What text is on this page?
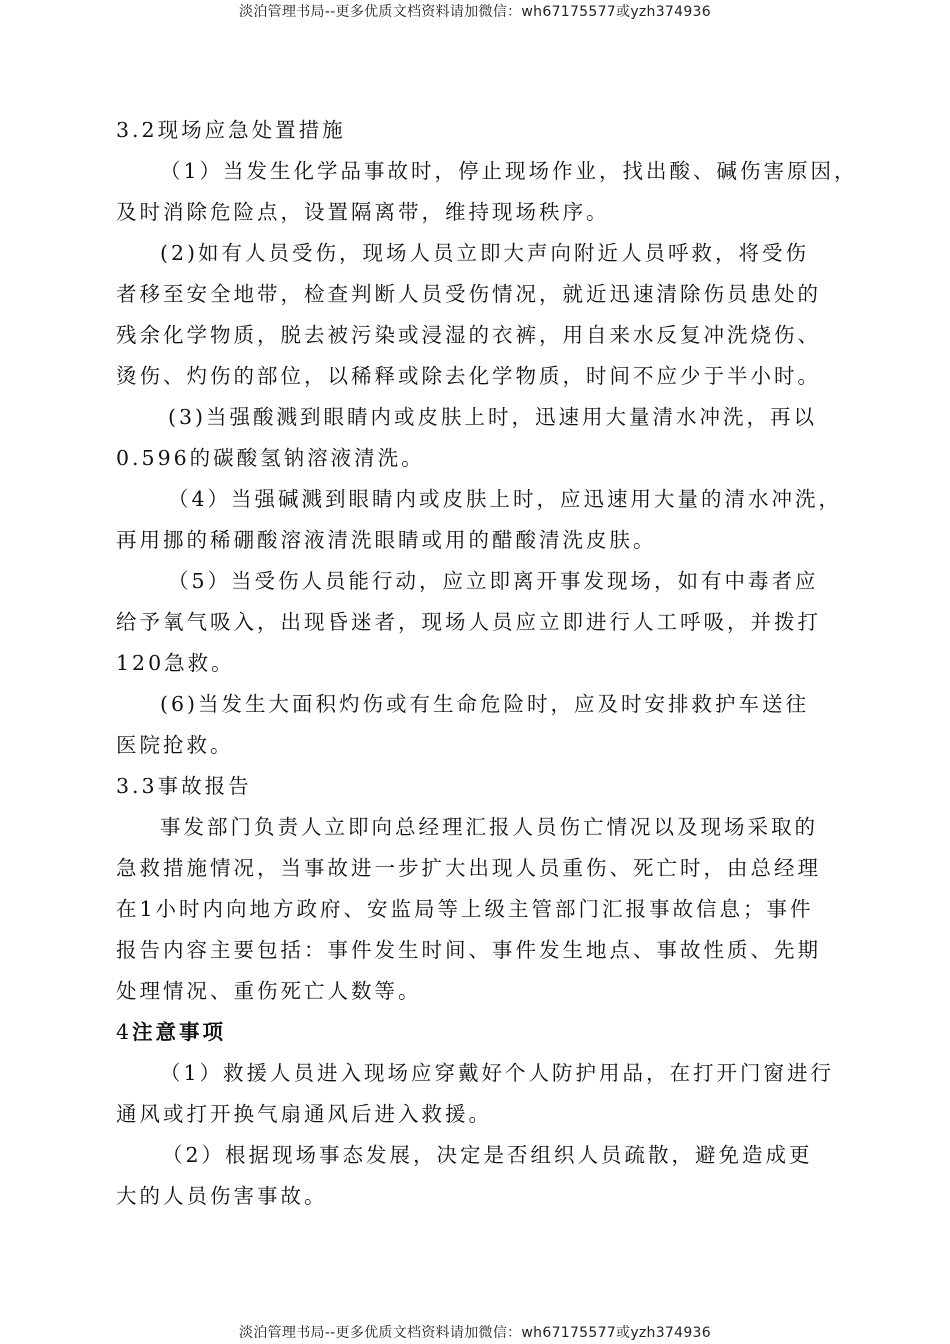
淡泊管理书局--更多优质文档资料请加微信：wh67175577或yzh374936
3.2现场应急处置措施
（1）当发生化学品事故时，停止现场作业，找出酸、碱伤害原因，
及时消除危险点，设置隔离带，维持现场秩序。
(2)如有人员受伤，现场人员立即大声向附近人员呼救，将受伤
者移至安全地带，检查判断人员受伤情况，就近迅速清除伤员患处的
残余化学物质，脱去被污染或浸湿的衣裤，用自来水反复冲洗烧伤、
烫伤、灼伤的部位，以稀释或除去化学物质，时间不应少于半小时。
(3)当强酸溅到眼睛内或皮肤上时，迅速用大量清水冲洗，再以
0.596的碳酸氢钠溶液清洗。
（4）当强碱溅到眼睛内或皮肤上时，应迅速用大量的清水冲洗，
再用挪的稀硼酸溶液清洗眼睛或用的醋酸清洗皮肤。
（5）当受伤人员能行动，应立即离开事发现场，如有中毒者应
给予氧气吸入，出现昏迷者，现场人员应立即进行人工呼吸，并拨打
120急救。
(6)当发生大面积灼伤或有生命危险时，应及时安排救护车送往
医院抢救。
3.3事故报告
事发部门负责人立即向总经理汇报人员伤亡情况以及现场采取的
急救措施情况，当事故进一步扩大出现人员重伤、死亡时，由总经理
在1小时内向地方政府、安监局等上级主管部门汇报事故信息；事件
报告内容主要包括：事件发生时间、事件发生地点、事故性质、先期
处理情况、重伤死亡人数等。
4注意事项
（1）救援人员进入现场应穿戴好个人防护用品，在打开门窗进行
通风或打开换气扇通风后进入救援。
（2）根据现场事态发展，决定是否组织人员疏散，避免造成更
大的人员伤害事故。
淡泊管理书局--更多优质文档资料请加微信：wh67175577或yzh374936
